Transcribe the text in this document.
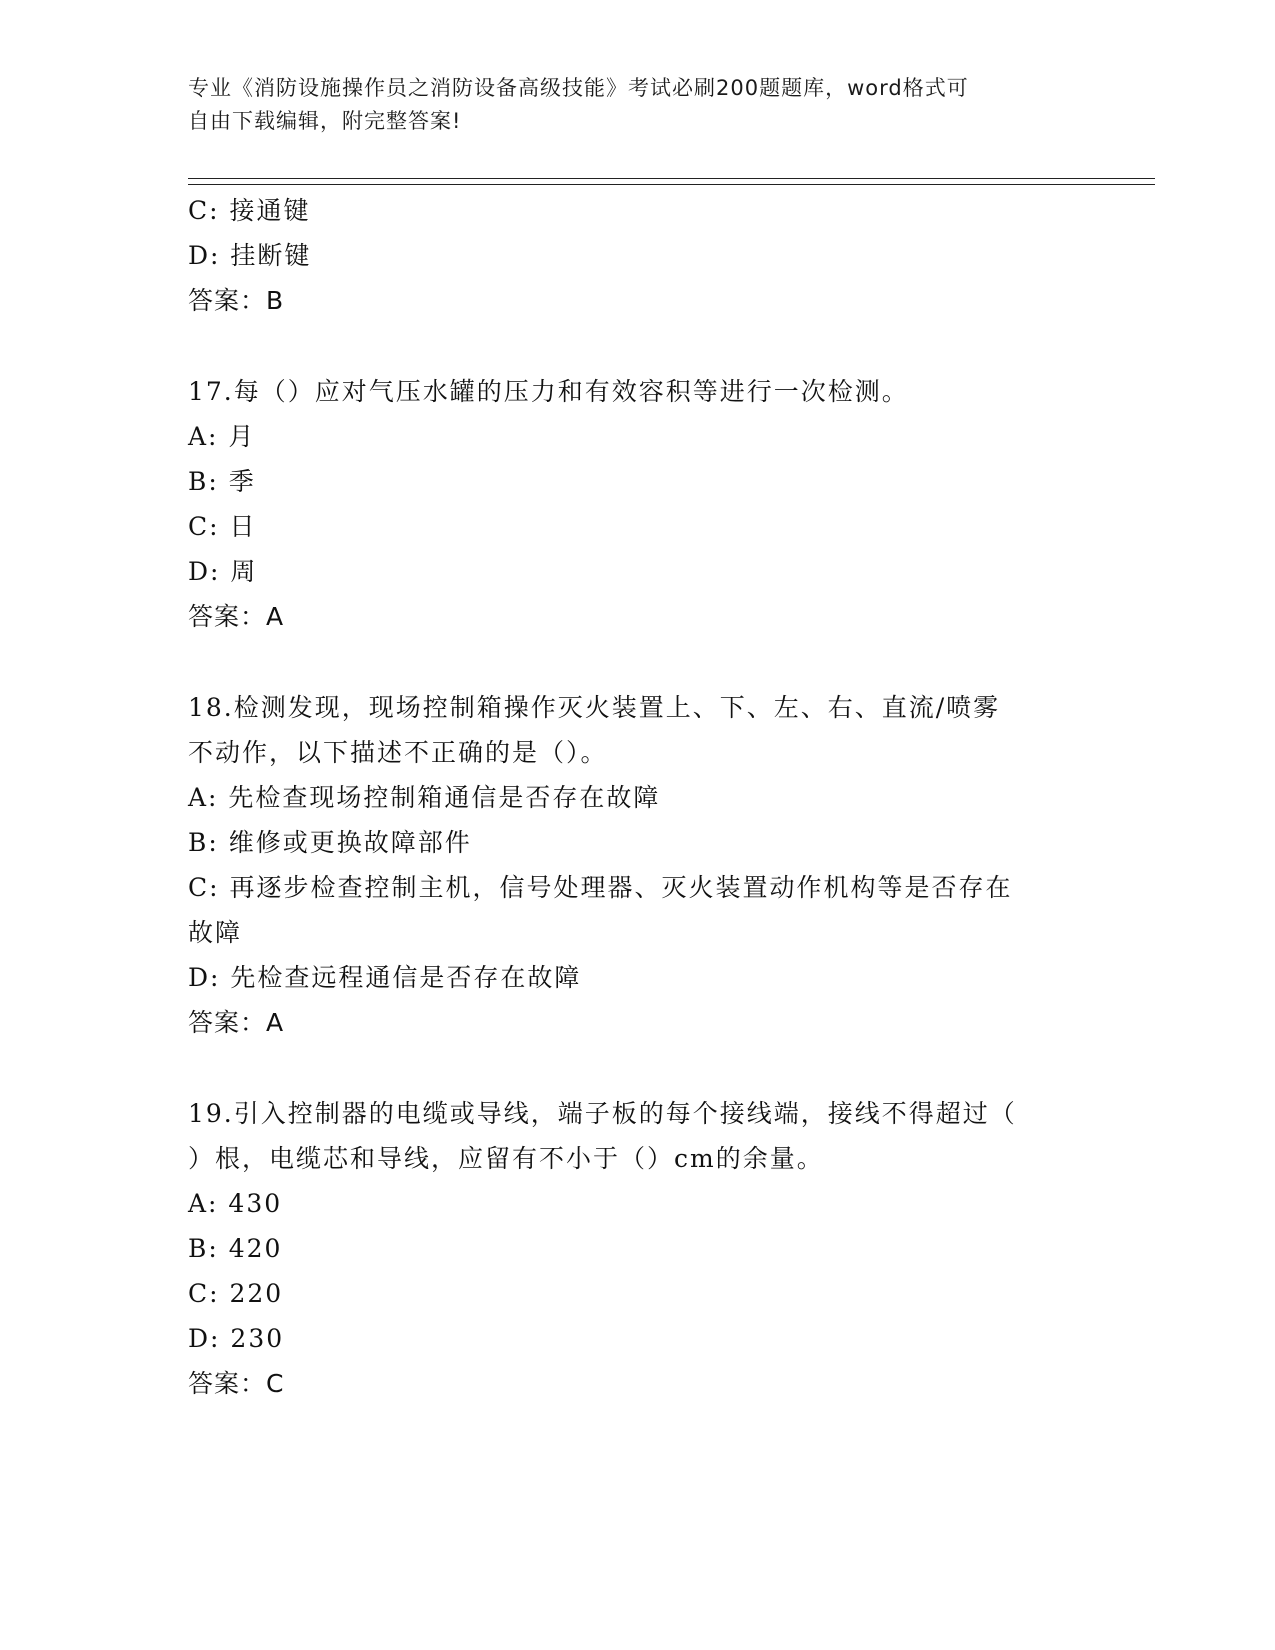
专业《消防设施操作员之消防设备高级技能》考试必刷200题题库，word格式可
自由下载编辑，附完整答案!
C: 接通键
D: 挂断键
答案：B
17.每（）应对气压水罐的压力和有效容积等进行一次检测。
A: 月
B: 季
C: 日
D: 周
答案：A
18.检测发现，现场控制箱操作灭火装置上、下、左、右、直流/喷雾
不动作，以下描述不正确的是（）。
A: 先检查现场控制箱通信是否存在故障
B: 维修或更换故障部件
C: 再逐步检查控制主机，信号处理器、灭火装置动作机构等是否存在
故障
D: 先检查远程通信是否存在故障
答案：A
19.引入控制器的电缆或导线，端子板的每个接线端，接线不得超过（
）根，电缆芯和导线，应留有不小于（）cm的余量。
A: 430
B: 420
C: 220
D: 230
答案：C
